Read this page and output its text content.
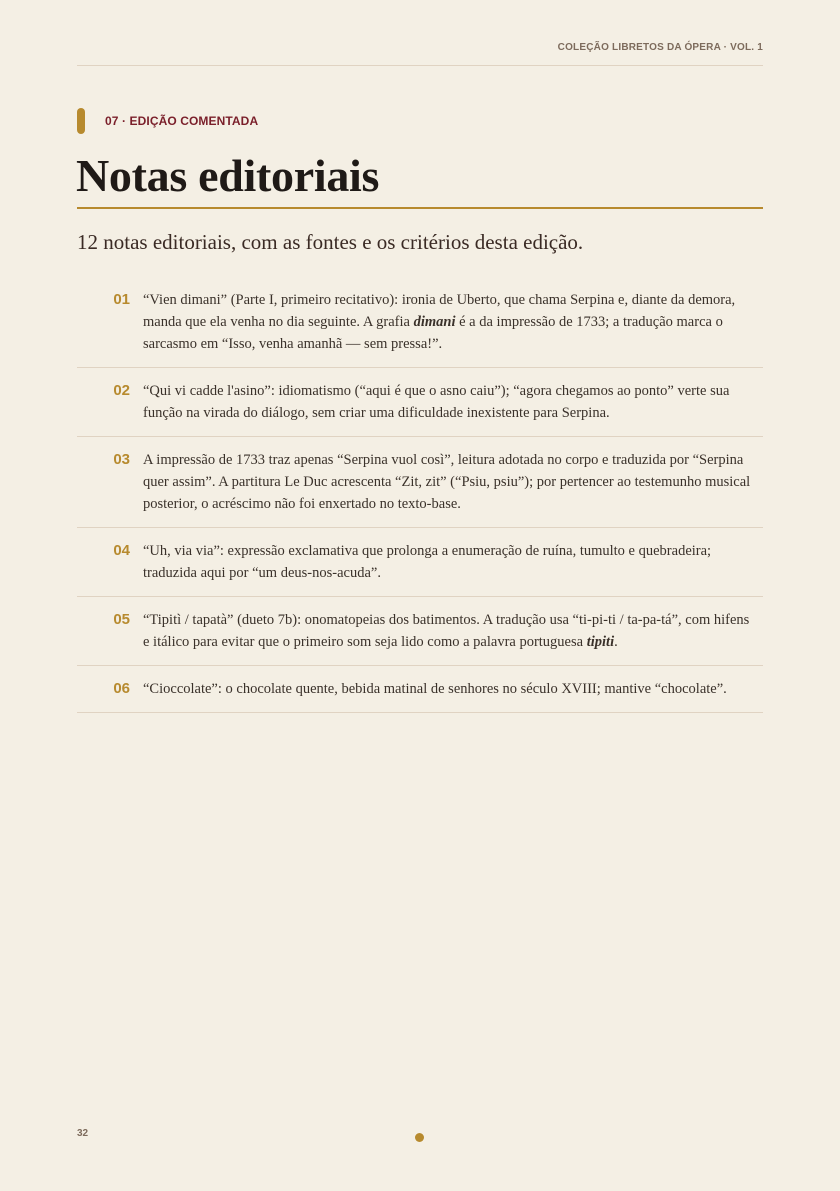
COLEÇÃO LIBRETOS DA ÓPERA · VOL. 1
07 · EDIÇÃO COMENTADA
Notas editoriais
12 notas editoriais, com as fontes e os critérios desta edição.
01 “Vien dimani” (Parte I, primeiro recitativo): ironia de Uberto, que chama Serpina e, diante da demora, manda que ela venha no dia seguinte. A grafia dimani é a da impressão de 1733; a tradução marca o sarcasmo em “Isso, venha amanhã — sem pressa!”.
02 “Qui vi cadde l'asino”: idiomatismo (“aqui é que o asno caiu”); “agora chegamos ao ponto” verte sua função na virada do diálogo, sem criar uma dificuldade inexistente para Serpina.
03 A impressão de 1733 traz apenas “Serpina vuol così”, leitura adotada no corpo e traduzida por “Serpina quer assim”. A partitura Le Duc acrescenta “Zit, zit” (“Psiu, psiu”); por pertencer ao testemunho musical posterior, o acréscimo não foi enxertado no texto-base.
04 “Uh, via via”: expressão exclamativa que prolonga a enumeração de ruína, tumulto e quebradeira; traduzida aqui por “um deus-nos-acuda”.
05 “Tipitì / tapatà” (dueto 7b): onomatopeias dos batimentos. A tradução usa “ti-pi-ti / ta-pa-tá”, com hifens e itálico para evitar que o primeiro som seja lido como a palavra portuguesa tipiti.
06 “Cioccolate”: o chocolate quente, bebida matinal de senhores no século XVIII; mantive “chocolate”.
32
